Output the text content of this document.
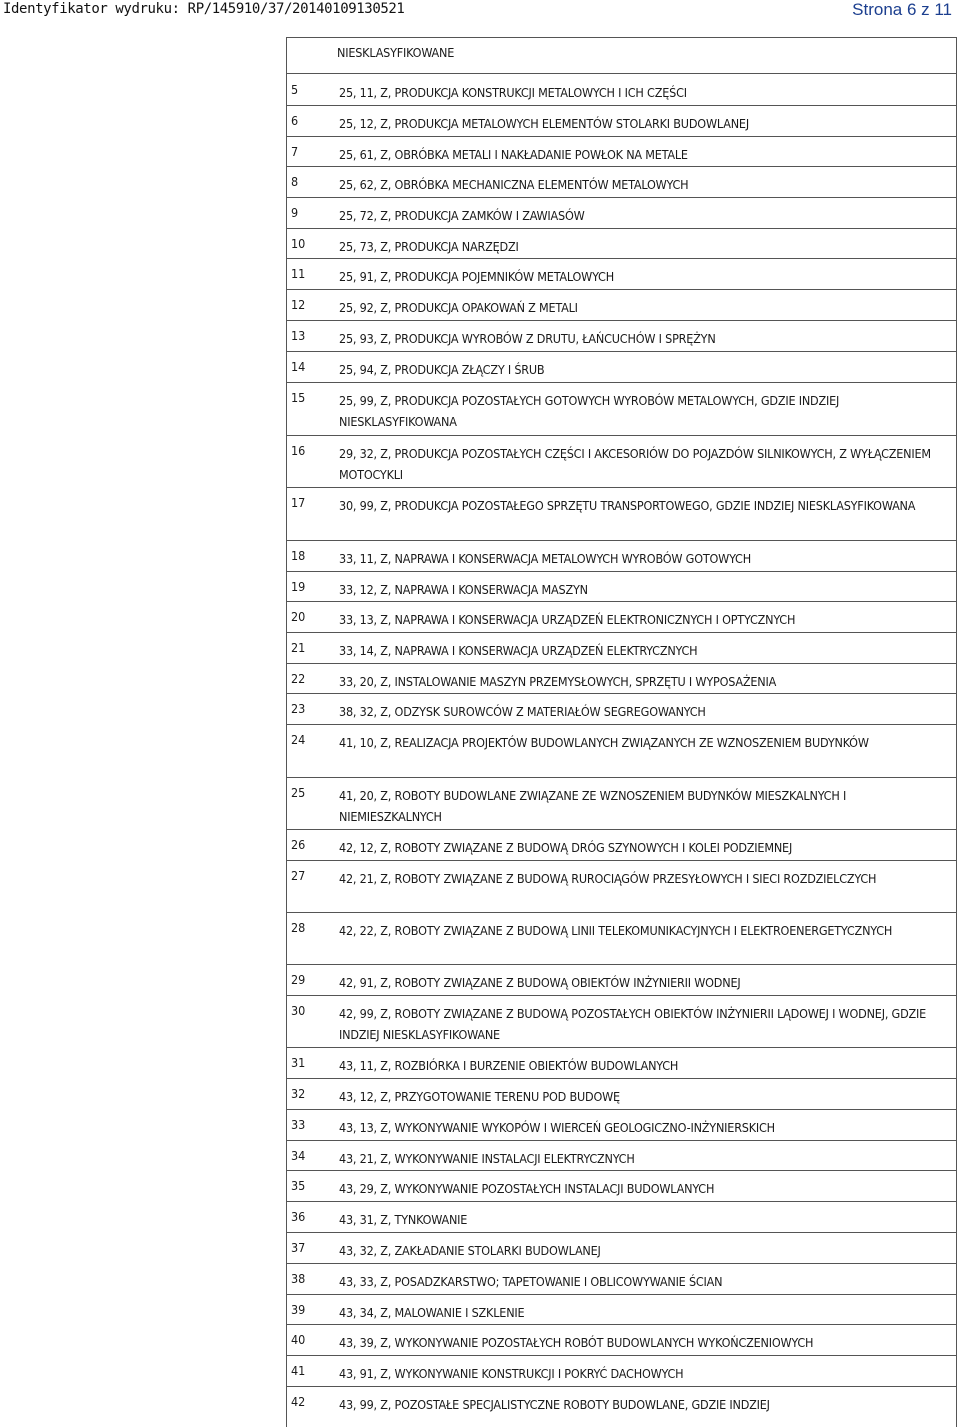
Identyfikator wydruku: RP/145910/37/20140109130521	Strona 6 z 11
NIESKLASYFIKOWANE
5	25, 11, Z, PRODUKCJA KONSTRUKCJI METALOWYCH I ICH CZĘŚCI
6	25, 12, Z, PRODUKCJA METALOWYCH ELEMENTÓW STOLARKI BUDOWLANEJ
7	25, 61, Z, OBRÓBKA METALI I NAKŁADANIE POWŁOK NA METALE
8	25, 62, Z, OBRÓBKA MECHANICZNA ELEMENTÓW METALOWYCH
9	25, 72, Z, PRODUKCJA ZAMKÓW I ZAWIASÓW
10	25, 73, Z, PRODUKCJA NARZĘDZI
11	25, 91, Z, PRODUKCJA POJEMNIKÓW METALOWYCH
12	25, 92, Z, PRODUKCJA OPAKOWAŃ Z METALI
13	25, 93, Z, PRODUKCJA WYROBÓW Z DRUTU, ŁAŃCUCHÓW I SPRĘŻYN
14	25, 94, Z, PRODUKCJA ZŁĄCZY I ŚRUB
15	25, 99, Z, PRODUKCJA POZOSTAŁYCH GOTOWYCH WYROBÓW METALOWYCH, GDZIE INDZIEJ NIESKLASYFIKOWANA
16	29, 32, Z, PRODUKCJA POZOSTAŁYCH CZĘŚCI I AKCESORIÓW DO POJAZDÓW SILNIKOWYCH, Z WYŁĄCZENIEM MOTOCYKLI
17	30, 99, Z, PRODUKCJA POZOSTAŁEGO SPRZĘTU TRANSPORTOWEGO, GDZIE INDZIEJ NIESKLASYFIKOWANA
18	33, 11, Z, NAPRAWA I KONSERWACJA METALOWYCH WYROBÓW GOTOWYCH
19	33, 12, Z, NAPRAWA I KONSERWACJA MASZYN
20	33, 13, Z, NAPRAWA I KONSERWACJA URZĄDZEŃ ELEKTRONICZNYCH I OPTYCZNYCH
21	33, 14, Z, NAPRAWA I KONSERWACJA URZĄDZEŃ ELEKTRYCZNYCH
22	33, 20, Z, INSTALOWANIE MASZYN PRZEMYSŁOWYCH, SPRZĘTU I WYPOSAŻENIA
23	38, 32, Z, ODZYSK SUROWCÓW Z MATERIAŁÓW SEGREGOWANYCH
24	41, 10, Z, REALIZACJA PROJEKTÓW BUDOWLANYCH ZWIĄZANYCH ZE WZNOSZENIEM BUDYNKÓW
25	41, 20, Z, ROBOTY BUDOWLANE ZWIĄZANE ZE WZNOSZENIEM BUDYNKÓW MIESZKALNYCH I NIEMIESZKALNYCH
26	42, 12, Z, ROBOTY ZWIĄZANE Z BUDOWĄ DRÓG SZYNOWYCH I KOLEI PODZIEMNEJ
27	42, 21, Z, ROBOTY ZWIĄZANE Z BUDOWĄ RUROCIĄGÓW PRZESYŁOWYCH I SIECI ROZDZIELCZYCH
28	42, 22, Z, ROBOTY ZWIĄZANE Z BUDOWĄ LINII TELEKOMUNIKACYJNYCH I ELEKTROENERGETYCZNYCH
29	42, 91, Z, ROBOTY ZWIĄZANE Z BUDOWĄ OBIEKTÓW INŻYNIERII WODNEJ
30	42, 99, Z, ROBOTY ZWIĄZANE Z BUDOWĄ POZOSTAŁYCH OBIEKTÓW INŻYNIERII LĄDOWEJ I WODNEJ, GDZIE INDZIEJ NIESKLASYFIKOWANE
31	43, 11, Z, ROZBIÓRKA I BURZENIE OBIEKTÓW BUDOWLANYCH
32	43, 12, Z, PRZYGOTOWANIE TERENU POD BUDOWĘ
33	43, 13, Z, WYKONYWANIE WYKOPÓW I WIERCEŃ GEOLOGICZNO-INŻYNIERSKICH
34	43, 21, Z, WYKONYWANIE INSTALACJI ELEKTRYCZNYCH
35	43, 29, Z, WYKONYWANIE POZOSTAŁYCH INSTALACJI BUDOWLANYCH
36	43, 31, Z, TYNKOWANIE
37	43, 32, Z, ZAKŁADANIE STOLARKI BUDOWLANEJ
38	43, 33, Z, POSADZKARSTWO; TAPETOWANIE I OBLICOWYWANIE ŚCIAN
39	43, 34, Z, MALOWANIE I SZKLENIE
40	43, 39, Z, WYKONYWANIE POZOSTAŁYCH ROBÓT BUDOWLANYCH WYKOŃCZENIOWYCH
41	43, 91, Z, WYKONYWANIE KONSTRUKCJI I POKRYĆ DACHOWYCH
42	43, 99, Z, POZOSTAŁE SPECJALISTYCZNE ROBOTY BUDOWLANE, GDZIE INDZIEJ
